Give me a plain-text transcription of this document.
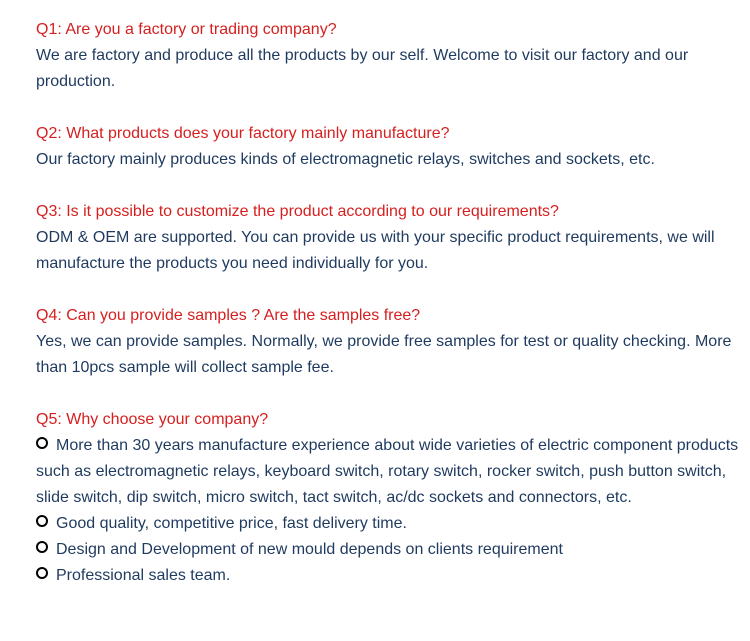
Q1: Are you a factory or trading company?

We are factory and produce all the products by our self. Welcome to visit our factory and our production.

Q2: What products does your factory mainly manufacture?

Our factory mainly produces kinds of electromagnetic relays, switches and sockets, etc.

Q3: Is it possible to customize the product according to our requirements?

ODM & OEM are supported. You can provide us with your specific product requirements, we will manufacture the products you need individually for you.

Q4: Can you provide samples ? Are the samples free?

Yes, we can provide samples. Normally, we provide free samples for test or quality checking. More than 10pcs sample will collect sample fee.

Q5: Why choose your company?

More than 30 years manufacture experience about wide varieties of electric component products such as electromagnetic relays, keyboard switch, rotary switch, rocker switch, push button switch, slide switch, dip switch, micro switch, tact switch, ac/dc sockets and connectors, etc.
Good quality, competitive price, fast delivery time.
Design and Development of new mould depends on clients requirement
Professional sales team.
